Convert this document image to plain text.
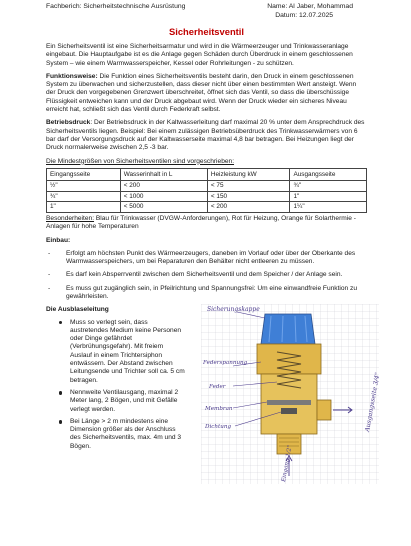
Fachberich: Sicherheitstechnische Ausrüstung	Name: Al Jaber, Mohammad
Datum: 12.07.2025
Sicherheitsventil

Ein Sicherheitsventil ist eine Sicherheitsarmatur und wird in die Wärmeerzeuger und Trinkwasseranlage eingebaut. Die Hauptaufgabe ist es die Anlage gegen Schäden durch Überdruck in einem geschlossenen System – wie einem Warmwasserspeicher, Kessel oder Rohrleitungen - zu schützen.

Funktionsweise: Die Funktion eines Sicherheitsventils besteht darin, den Druck in einem geschlossenen System zu überwachen und sicherzustellen, dass dieser nicht über einen bestimmten Wert ansteigt. Wenn der Druck den vorgegebenen Grenzwert überschreitet, öffnet sich das Ventil, so dass die überschüssige Flüssigkeit entweichen kann und der Druck abgebaut wird. Wenn der Druck wieder ein sicheres Niveau erreicht hat, schließt sich das Ventil durch Federkraft selbst.

Betriebsdruck: Der Betriebsdruck in der Kaltwasserleitung darf maximal 20 % unter dem Ansprechdruck des Sicherheitsventils liegen. Beispiel: Bei einem zulässigen Betriebsüberdruck des Trinkwasserwärmers von 6 bar darf der Versorgungsdruck auf der Kaltwasserseite maximal 4,8 bar betragen. Bei Heizungen liegt der Druck normalerweise zwischen 2,5 -3 bar.

Die Mindestgrößen von Sicherheitsventilen sind vorgeschrieben:
Eingangsseite	Wasserinhalt in L	Heizleistung kW	Ausgangsseite
½"	< 200	< 75	¾"
¾"	< 1000	< 150	1"
1"	< 5000	< 200	1¼"

Besonderheiten: Blau für Trinkwasser (DVGW-Anforderungen), Rot für Heizung, Orange für Solarthermie - Anlagen für hohe Temperaturen

Einbau:
- Erfolgt am höchsten Punkt des Wärmeerzeugers, daneben im Vorlauf oder über der Oberkante des Warmwasserspeichers, um bei Reparaturen den Behälter nicht entleeren zu müssen.
- Es darf kein Absperrventil zwischen dem Sicherheitsventil und dem Speicher / der Anlage sein.
- Es muss gut zugänglich sein, in Pfeilrichtung und Spannungsfrei: Um eine einwandfreie Funktion zu gewährleisten.
Die Ausblaseleitung
Muss so verlegt sein, dass austretendes Medium keine Personen oder Dinge gefährdet (Verbrühungsgefahr). Mit freiem Auslauf in einem Trichtersiphon entwässern. Der Abstand zwischen Leitungsende und Trichter soll ca. 5 cm betragen.
Nennweite Ventilausgang, maximal 2 Meter lang, 2 Bögen, und mit Gefälle verlegt werden.
Bei Länge > 2 m mindestens eine Dimension größer als der Anschluss des Sicherheitsventils, max. 4m und 3 Bögen.
Sicherungskappe
Federspannung
Feder
Membran
Dichtung	Ausgangsseite 3/4"
Eingang 1/2"
